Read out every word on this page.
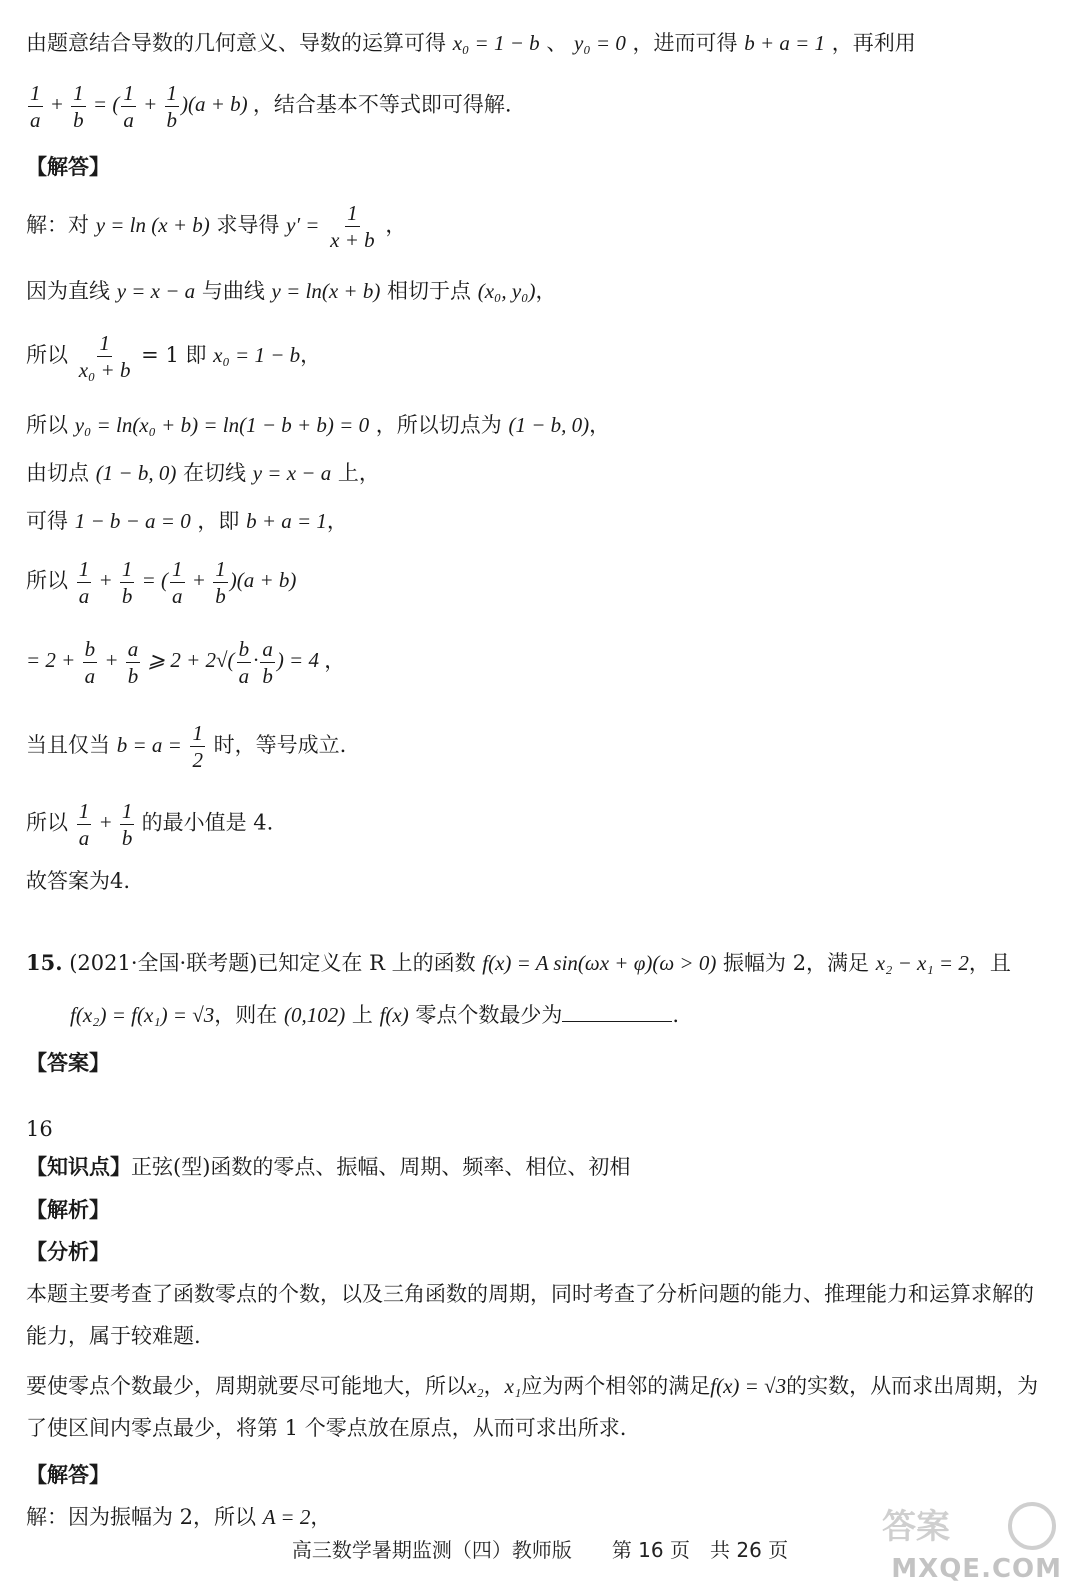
由题意结合导数的几何意义、导数的运算可得 x₀ = 1 − b 、 y₀ = 0 ，进而可得 b + a = 1 ，再利用
$\frac{1}{a} + \frac{1}{b}$ = ( $\frac{1}{a} + \frac{1}{b} )(a + b)$ ，结合基本不等式即可得解.
【解答】
解：对 y = ln (x + b) 求导得 $y' = \frac{1}{x + b}$ ，
因为直线 y = x − a 与曲线 y = ln(x + b) 相切于点 (x₀, y₀)，
所以 $\frac{1}{\text{x₀ + b}} = 1$ 即 x₀ = 1 − b，
所以 y₀ = ln(x₀ + b) = ln(1 − b + b) = 0 ，所以切点为 (1 − b, 0)，
由切点 (1 − b, 0) 在切线 y = x − a 上，
可得 1 − b − a = 0 ，即 b + a = 1，
所以 $\frac{1}{a} + \frac{1}{b}$ = ( $\frac{1}{a} + \frac{1}{b} )(a + b)$
= $2 + \frac{b}{a} + \frac{a}{b}$ ⩾ $2 + 2√( \frac{b}{a} \cdot \frac{a}{b}$ ) = 4 ，
当且仅当 $b = a = \frac{1}{2}$ 时，等号成立.
所以 $\frac{1}{a} + \frac{1}{b}$ 的最小值是 4.
故答案为4.
15. (2021·全国·联考题)已知定义在 R 上的函数 f(x) = A sin(ωx + φ)(ω > 0) 振幅为 2，满足 x₂ − x₁ = 2，且
f(x₂) = f(x₁) = √3，则在 (0,102) 上 f(x) 零点个数最少为	.
【答案】
16
【知识点】正弦(型)函数的零点、振幅、周期、频率、相位、初相
【解析】
【分析】
本题主要考查了函数零点的个数，以及三角函数的周期，同时考查了分析问题的能力、推理能力和运算求解的能力，属于较难题.
要使零点个数最少，周期就要尽可能地大，所以x₂，x₁应为两个相邻的满足f(x) = √3的实数，从而求出周期，为了使区间内零点最少，将第 1 个零点放在原点，从而可求出所求.
【解答】
解：因为振幅为 2，所以 A = 2，
高三数学暑期监测（四）教师版　　第 16 页　共 26 页
答案
MXQE.COM
